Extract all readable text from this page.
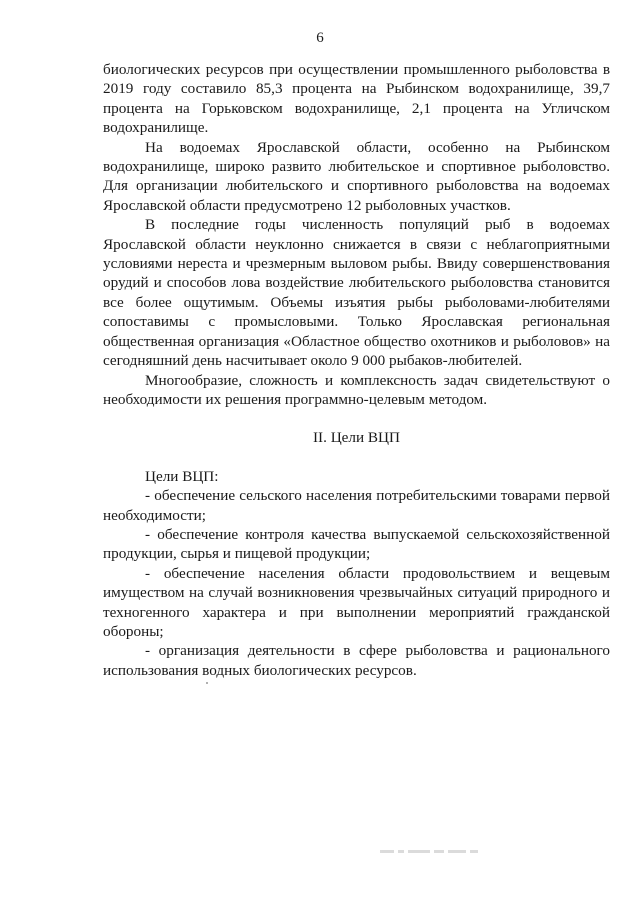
6

биологических ресурсов при осуществлении промышленного рыболовства в 2019 году составило 85,3 процента на Рыбинском водохранилище, 39,7 процента на Горьковском водохранилище, 2,1 процента на Угличском водохранилище.

На водоемах Ярославской области, особенно на Рыбинском водохранилище, широко развито любительское и спортивное рыболовство. Для организации любительского и спортивного рыболовства на водоемах Ярославской области предусмотрено 12 рыболовных участков.

В последние годы численность популяций рыб в водоемах Ярославской области неуклонно снижается в связи с неблагоприятными условиями нереста и чрезмерным выловом рыбы. Ввиду совершенствования орудий и способов лова воздействие любительского рыболовства становится все более ощутимым. Объемы изъятия рыбы рыболовами-любителями сопоставимы с промысловыми. Только Ярославская региональная общественная организация «Областное общество охотников и рыболовов» на сегодняшний день насчитывает около 9 000 рыбаков-любителей.

Многообразие, сложность и комплексность задач свидетельствуют о необходимости их решения программно-целевым методом.

II. Цели ВЦП

Цели ВЦП:

- обеспечение сельского населения потребительскими товарами первой необходимости;

- обеспечение контроля качества выпускаемой сельскохозяйственной продукции, сырья и пищевой продукции;

- обеспечение населения области продовольствием и вещевым имуществом на случай возникновения чрезвычайных ситуаций природного и техногенного характера и при выполнении мероприятий гражданской обороны;

- организация деятельности в сфере рыболовства и рационального использования водных биологических ресурсов.
